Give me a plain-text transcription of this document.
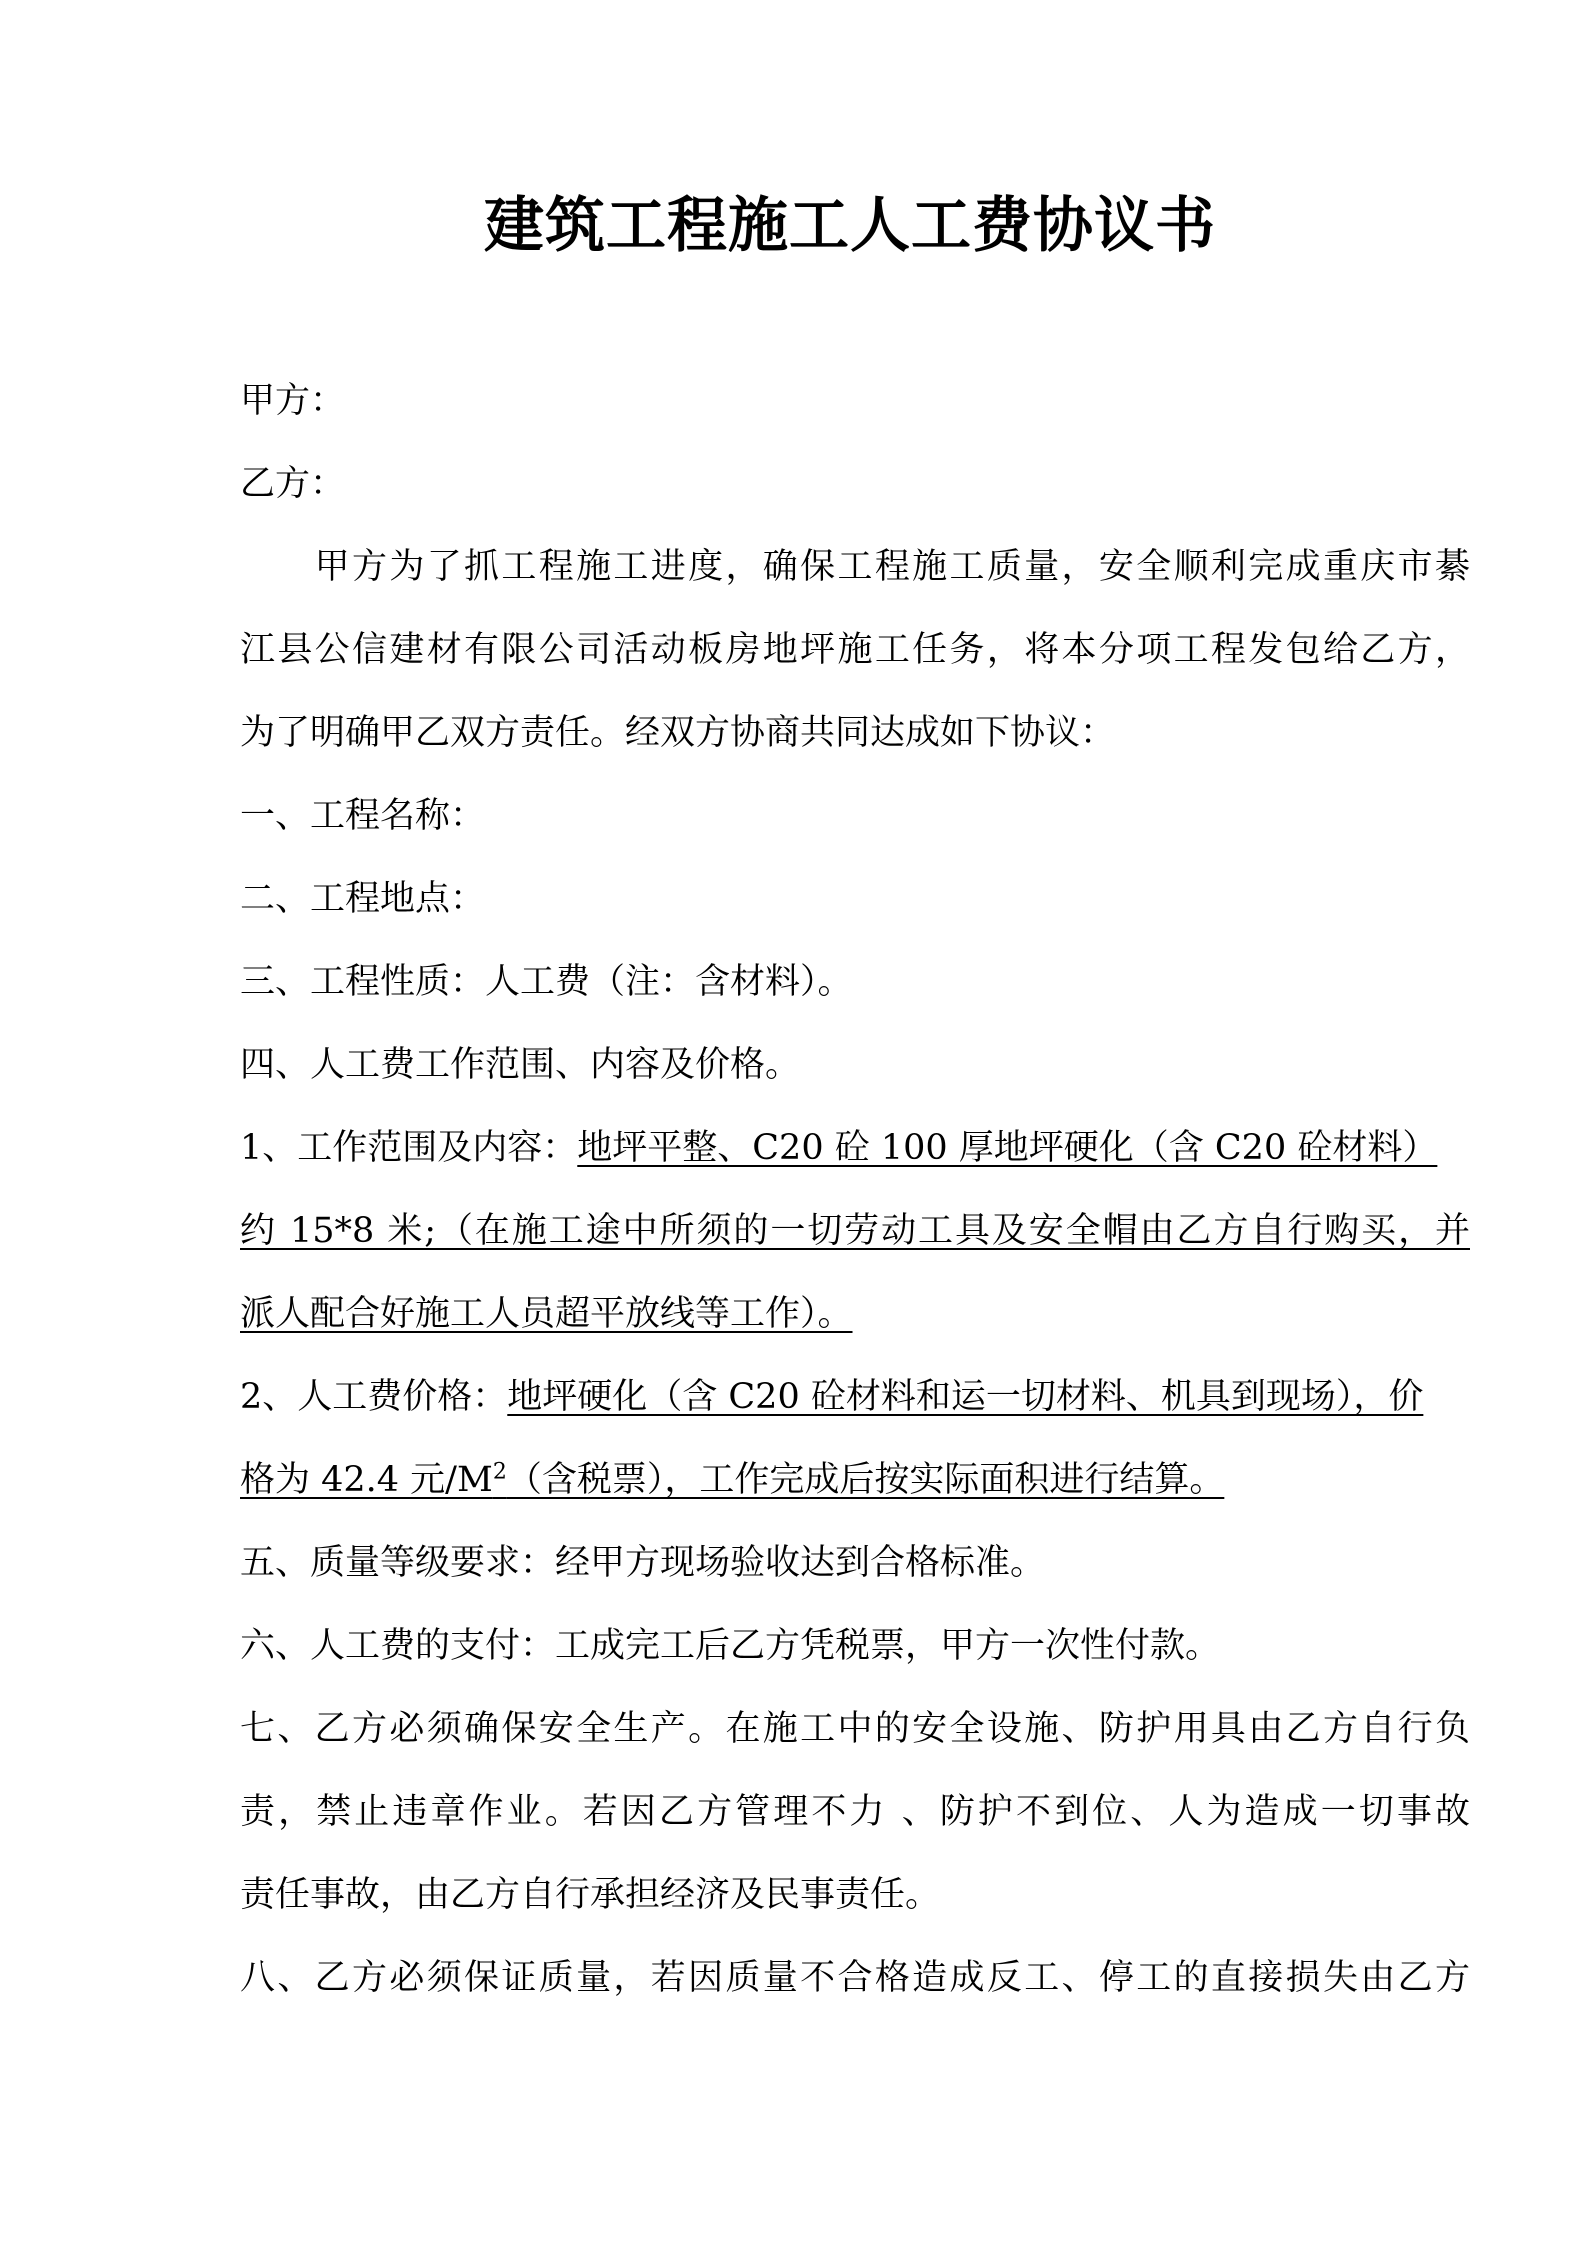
建筑工程施工人工费协议书
甲方：
乙方：
　　甲方为了抓工程施工进度，确保工程施工质量，安全顺利完成重庆市綦
江县公信建材有限公司活动板房地坪施工任务，将本分项工程发包给乙方，
为了明确甲乙双方责任。经双方协商共同达成如下协议：
一、工程名称：
二、工程地点：
三、工程性质：人工费（注：含材料）。
四、人工费工作范围、内容及价格。
1、工作范围及内容：地坪平整、C20 砼 100 厚地坪硬化（含 C20 砼材料）
约 15*8 米;（在施工途中所须的一切劳动工具及安全帽由乙方自行购买，并
派人配合好施工人员超平放线等工作）。
2、人工费价格：地坪硬化（含 C20 砼材料和运一切材料、机具到现场），价
格为 42.4 元$/M^2$（含税票），工作完成后按实际面积进行结算。
五、质量等级要求：经甲方现场验收达到合格标准。
六、人工费的支付：工成完工后乙方凭税票，甲方一次性付款。
七、乙方必须确保安全生产。在施工中的安全设施、防护用具由乙方自行负
责，禁止违章作业。若因乙方管理不力 、防护不到位、人为造成一切事故
责任事故，由乙方自行承担经济及民事责任。
八、乙方必须保证质量，若因质量不合格造成反工、停工的直接损失由乙方
